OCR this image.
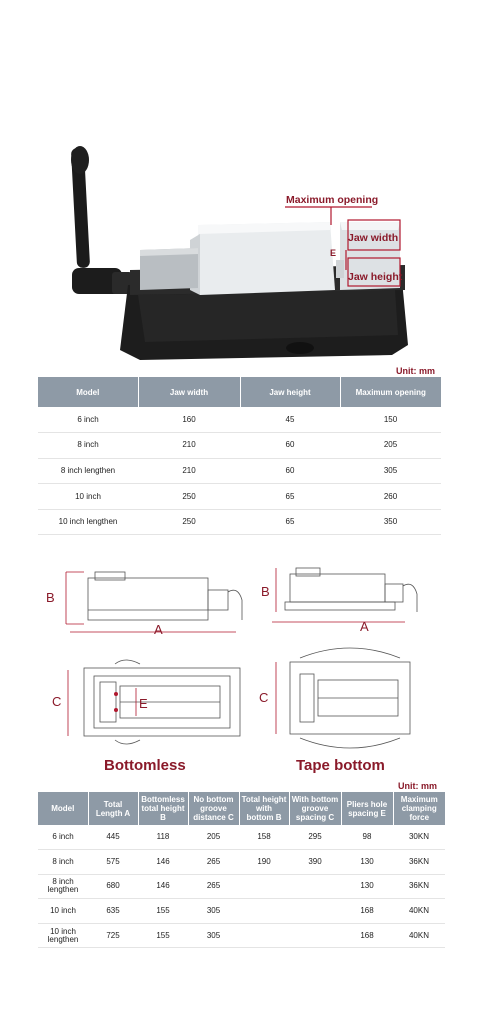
Maximum opening
Jaw width
Jaw height
E
Unit: mm
Model	Jaw width	Jaw height	Maximum opening
6 inch	160	45	150
8 inch	210	60	205
8 inch lengthen	210	60	305
10 inch	250	65	260
10 inch lengthen	250	65	350
B
A
C	E
Bottomless
B
A
C
Tape bottom
Unit: mm
Model	Total Length A	Bottomless total height B	No bottom groove distance C	Total height with bottom B	With bottom groove spacing C	Pliers hole spacing E	Maximum clamping force
6 inch	445	118	205	158	295	98	30KN
8 inch	575	146	265	190	390	130	36KN
8 inch lengthen	680	146	265			130	36KN
10 inch	635	155	305			168	40KN
10 inch lengthen	725	155	305			168	40KN
